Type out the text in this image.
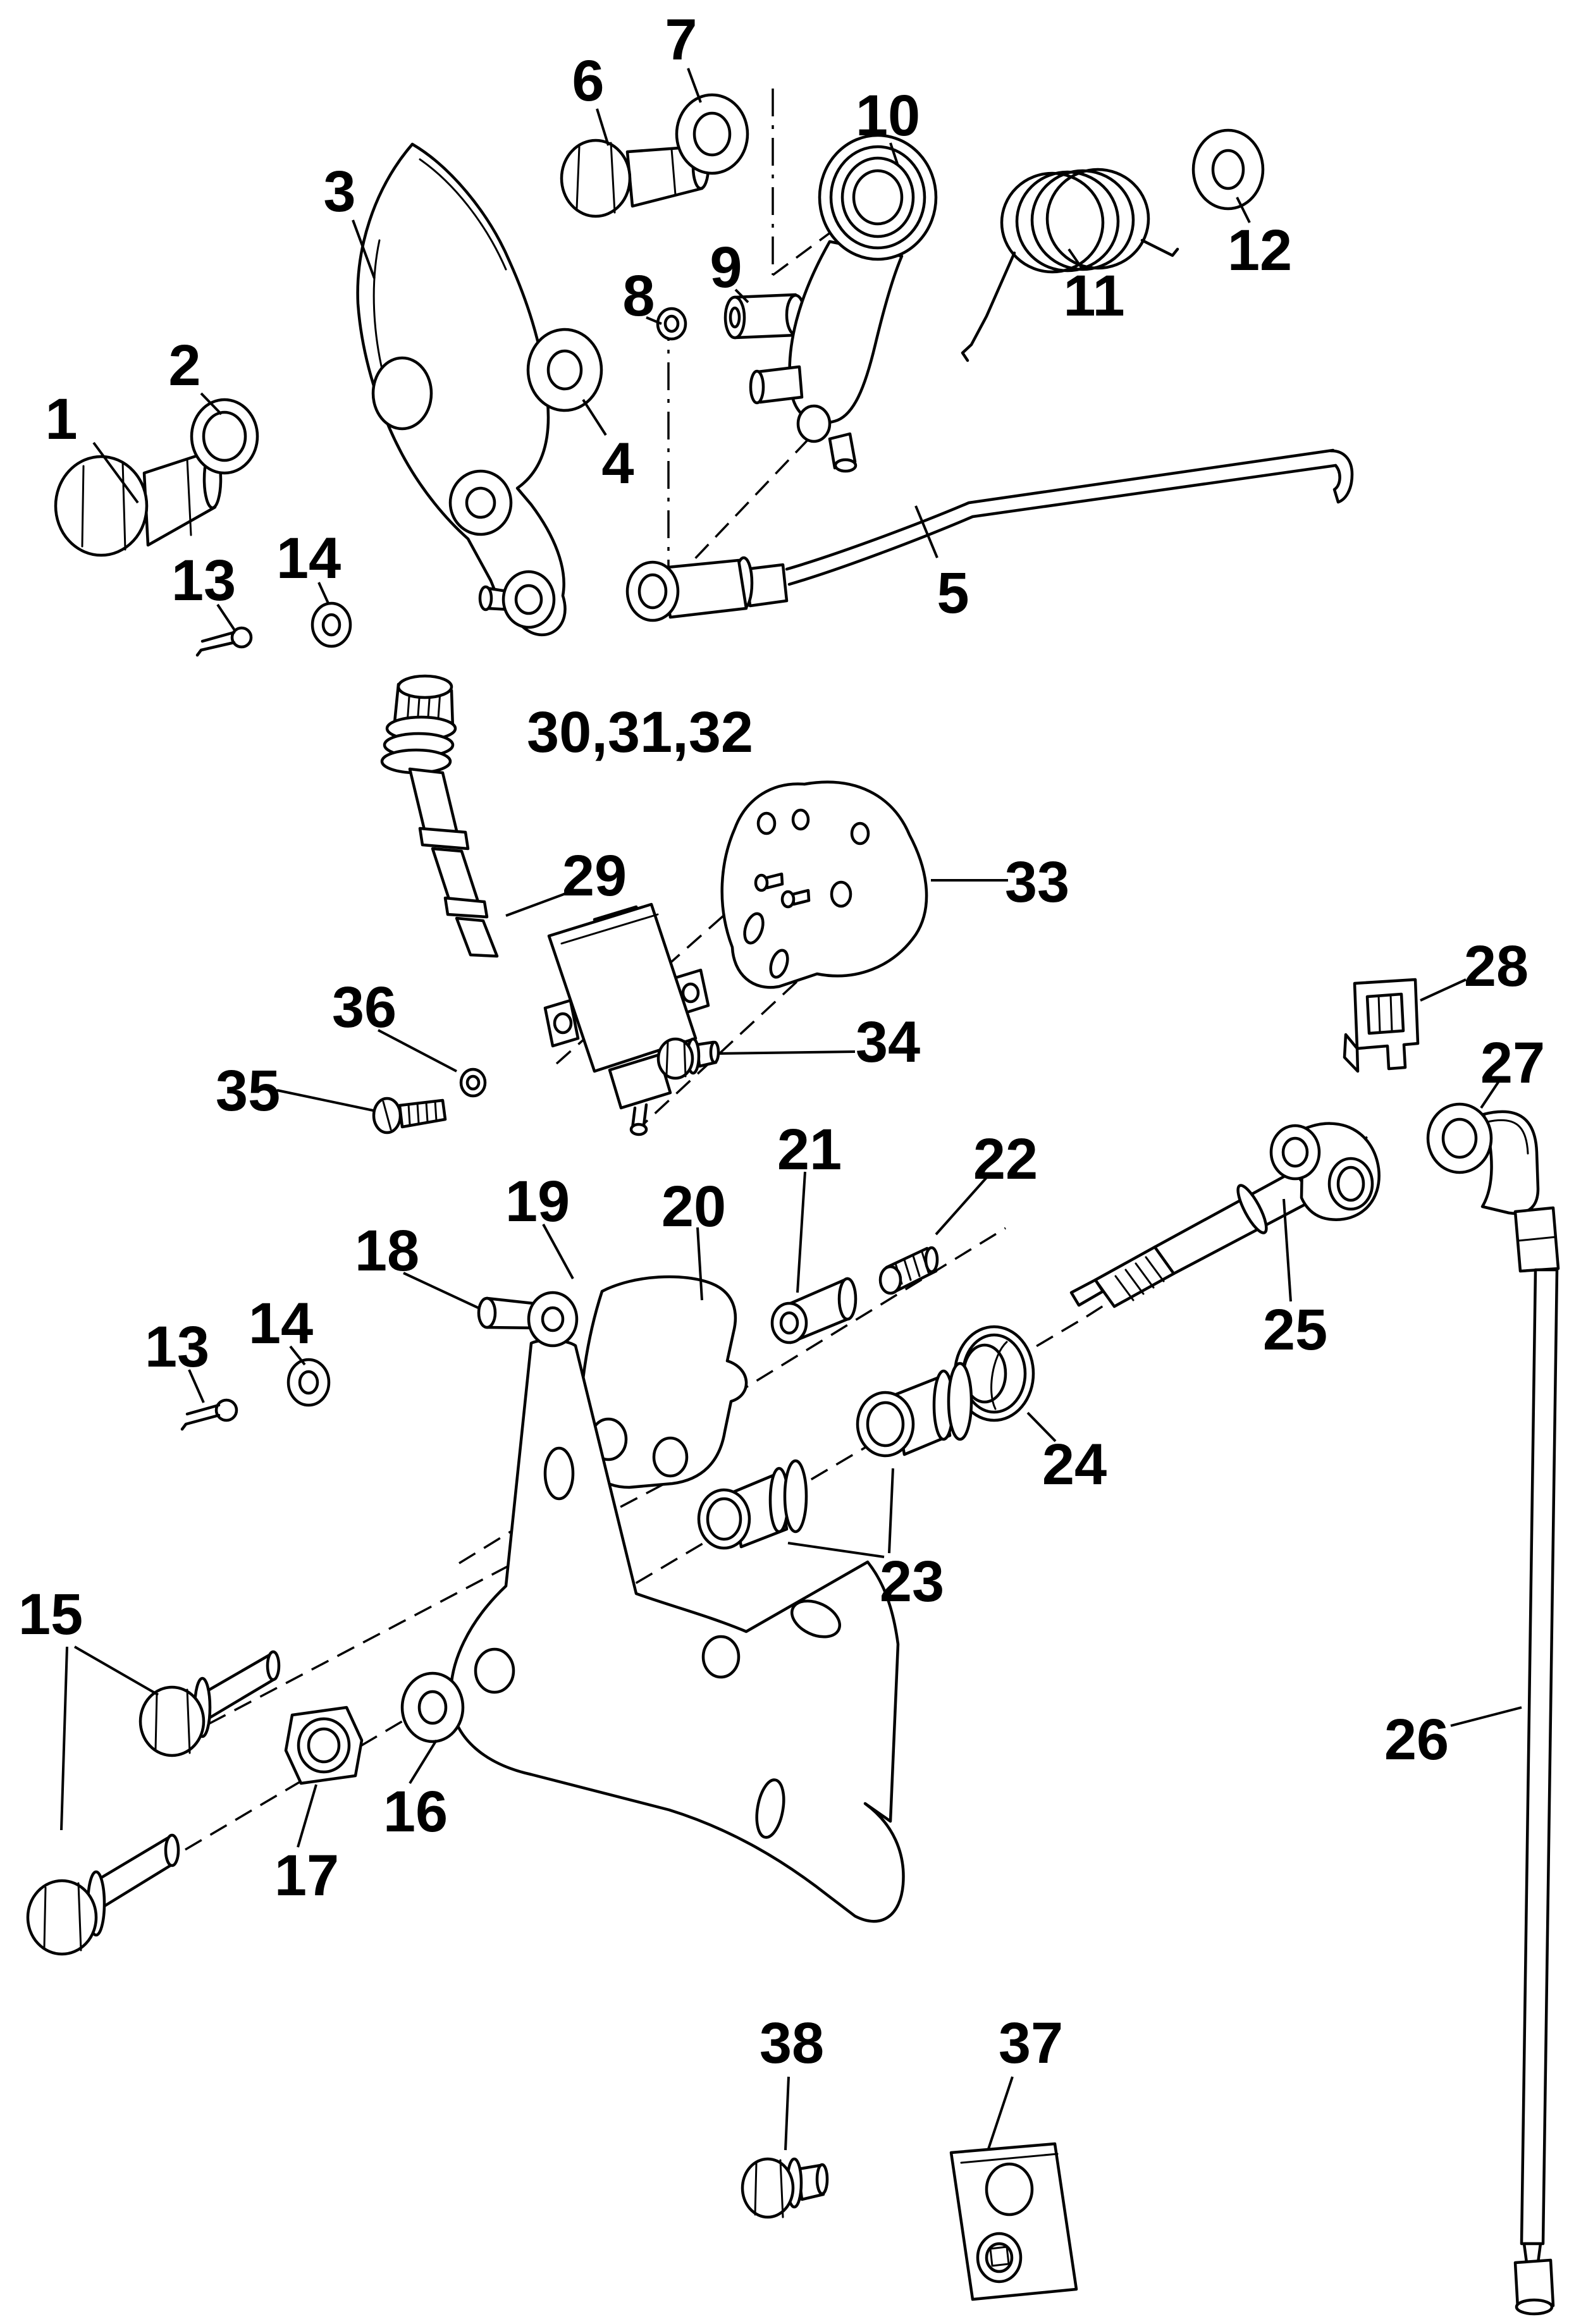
1
2
3
4
5
6
7
8 9
10
11
12
13 14
30,31,32
29	33
34
35
36
28
27
21 22
19 20
18
13 14	25
24
23
15
26
16
17
38	37
